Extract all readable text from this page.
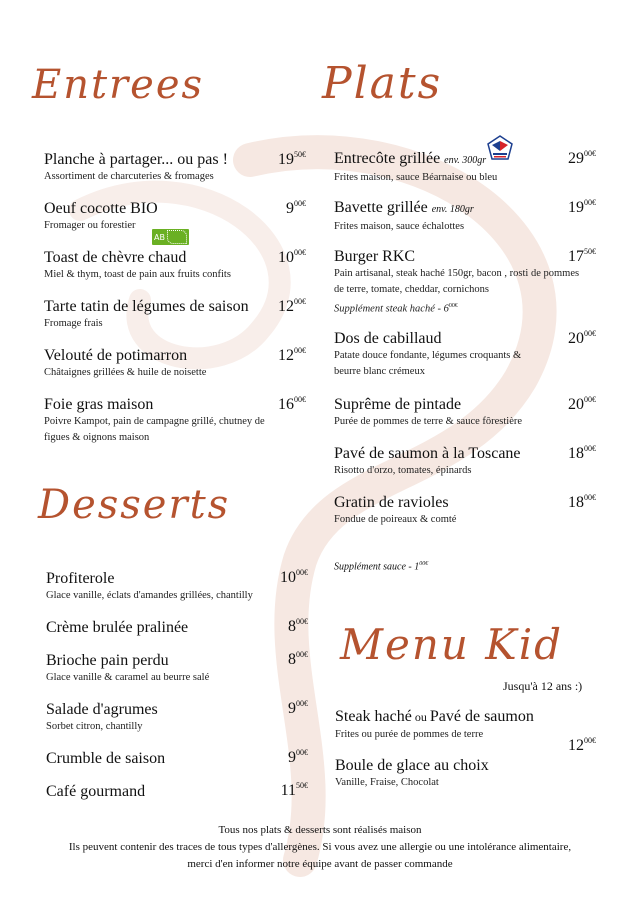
Entrees	Plats
Desserts
Menu Kid
Planche à partager... ou pas !
Assortiment de charcuteries & fromages
$19^{50€}$
Oeuf cocotte BIO
Fromager ou forestier
$9^{00€}$
AB
Toast de chèvre chaud
Miel & thym, toast de pain aux fruits confits
$10^{00€}$
Tarte tatin de légumes de saison
Fromage frais
$12^{00€}$
Velouté de potimarron
Châtaignes grillées & huile de noisette
$12^{00€}$
Foie gras maison
Poivre Kampot, pain de campagne grillé, chutney de
figues & oignons maison
$16^{00€}$
Entrecôte grillée env. 300gr
Frites maison, sauce Béarnaise ou bleu
$29^{00€}$
Bavette grillée env. 180gr
Frites maison, sauce échalottes
$19^{00€}$
Burger RKC
Pain artisanal, steak haché 150gr, bacon , rosti de pommes
de terre, tomate, cheddar, cornichons
Supplément steak haché - $6^{00€}$
$17^{50€}$
Dos de cabillaud
Patate douce fondante, légumes croquants &
beurre blanc crémeux
$20^{00€}$
Suprême de pintade
Purée de pommes de terre & sauce fôrestière
$20^{00€}$
Pavé de saumon à la Toscane
Risotto d'orzo, tomates, épinards
$18^{00€}$
Gratin de ravioles
Fondue de poireaux & comté
$18^{00€}$
Supplément sauce - $1^{00€}$
Profiterole
Glace vanille, éclats d'amandes grillées, chantilly
$10^{00€}$
Crème brulée pralinée	$8^{00€}$
Brioche pain perdu
Glace vanille & caramel au beurre salé
$8^{00€}$
Salade d'agrumes
Sorbet citron, chantilly
$9^{00€}$
Crumble de saison	$9^{00€}$
Café gourmand	$11^{50€}$
Jusqu'à 12 ans :)
Steak haché ou Pavé de saumon
Frites ou purée de pommes de terre
$12^{00€}$
Boule de glace au choix
Vanille, Fraise, Chocolat
Tous nos plats & desserts sont réalisés maison
Ils peuvent contenir des traces de tous types d'allergènes. Si vous avez une allergie ou une intolérance alimentaire,
merci d'en informer notre équipe avant de passer commande
